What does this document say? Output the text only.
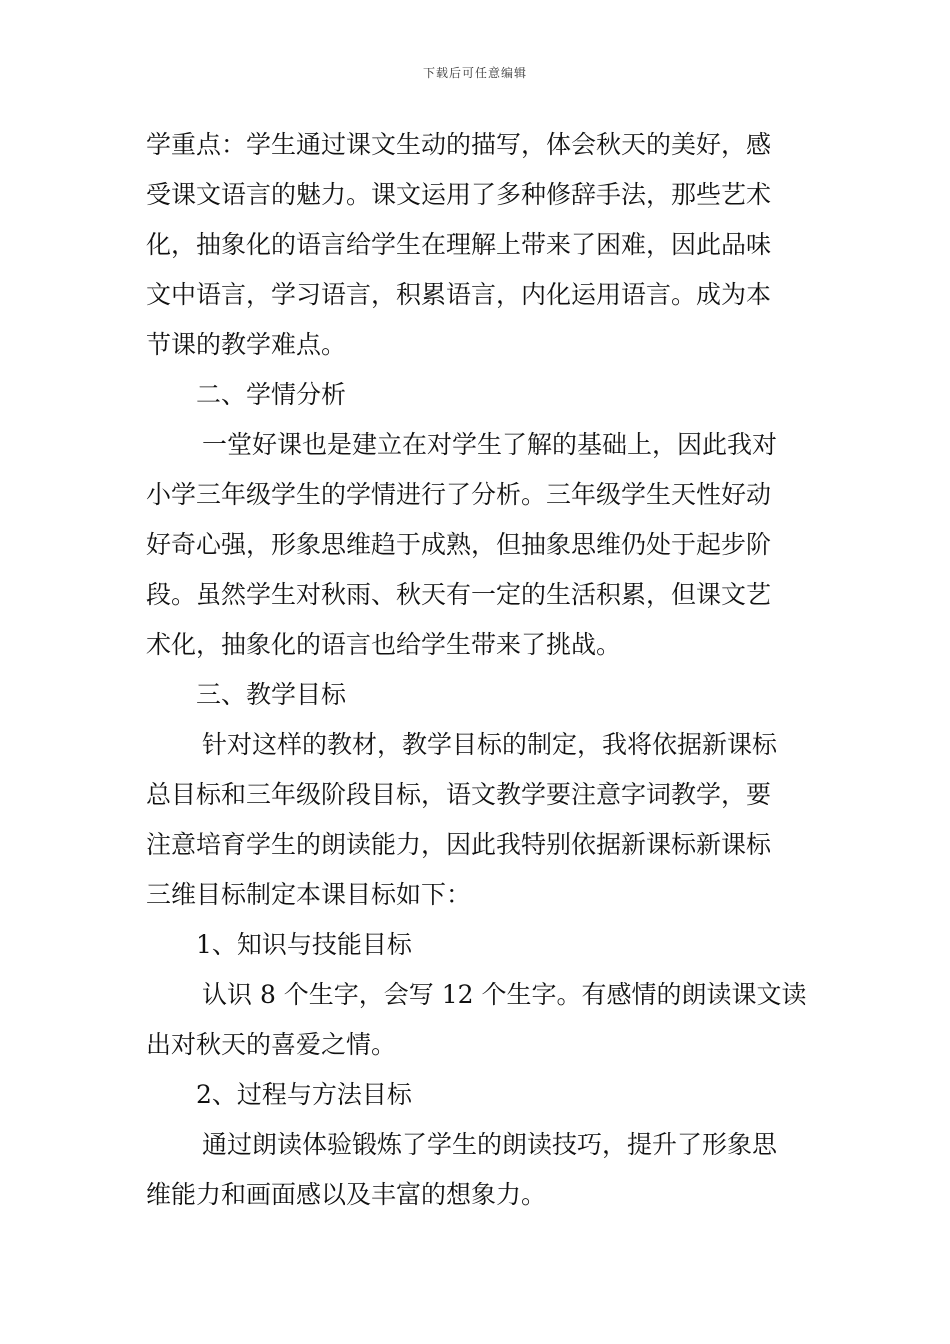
下载后可任意编辑
学重点：学生通过课文生动的描写，体会秋天的美好，感
受课文语言的魅力。课文运用了多种修辞手法，那些艺术
化，抽象化的语言给学生在理解上带来了困难，因此品味
文中语言，学习语言，积累语言，内化运用语言。成为本
节课的教学难点。
二、学情分析
一堂好课也是建立在对学生了解的基础上，因此我对
小学三年级学生的学情进行了分析。三年级学生天性好动
好奇心强，形象思维趋于成熟，但抽象思维仍处于起步阶
段。虽然学生对秋雨、秋天有一定的生活积累，但课文艺
术化，抽象化的语言也给学生带来了挑战。
三、教学目标
针对这样的教材，教学目标的制定，我将依据新课标
总目标和三年级阶段目标，语文教学要注意字词教学，要
注意培育学生的朗读能力，因此我特别依据新课标新课标
三维目标制定本课目标如下：
1、知识与技能目标
认识 8 个生字，会写 12 个生字。有感情的朗读课文读
出对秋天的喜爱之情。
2、过程与方法目标
通过朗读体验锻炼了学生的朗读技巧，提升了形象思
维能力和画面感以及丰富的想象力。
